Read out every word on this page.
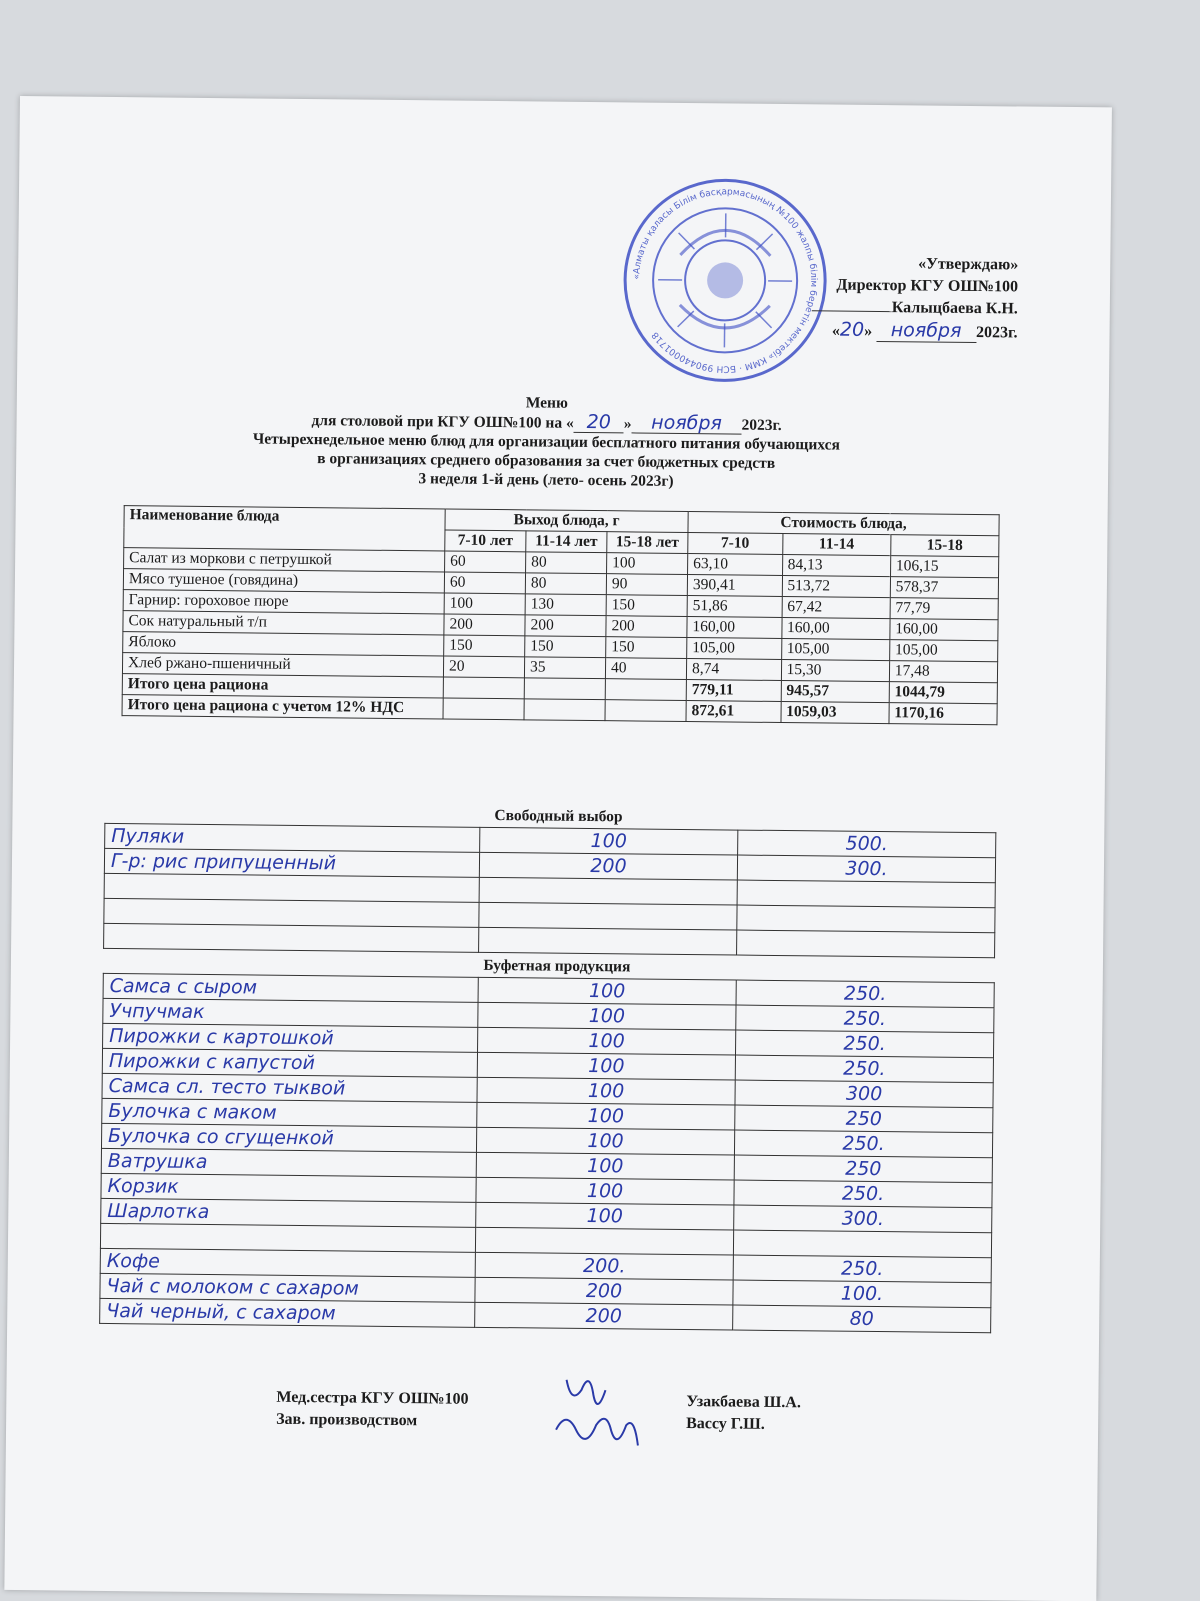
«Алматы қаласы Білім басқармасының №100 жалпы білім беретін мектебі» КММ · БСН 990440001718
«Утверждаю»
Директор КГУ ОШ№100
Калыцбаева К.Н.
«20» ноября 2023г.
Меню
для столовой при КГУ ОШ№100 на « 20 » ноября 2023г.
Четырехнедельное меню блюд для организации бесплатного питания обучающихся
в организациях среднего образования за счет бюджетных средств
3 неделя 1-й день (лето- осень 2023г)
Наименование блюда	Выход блюда, г			Стоимость блюда,		
	7-10 лет	11-14 лет	15-18 лет	7-10	11-14	15-18
Салат из моркови с петрушкой	60	80	100	63,10	84,13	106,15
Мясо тушеное (говядина)	60	80	90	390,41	513,72	578,37
Гарнир: гороховое пюре	100	130	150	51,86	67,42	77,79
Сок натуральный т/п	200	200	200	160,00	160,00	160,00
Яблоко	150	150	150	105,00	105,00	105,00
Хлеб ржано-пшеничный	20	35	40	8,74	15,30	17,48
Итого цена рациона				779,11	945,57	1044,79
Итого цена рациона с учетом 12% НДС				872,61	1059,03	1170,16
Свободный выбор
Пуляки	100	500.
Г-р: рис припущенный	200	300.

Буфетная продукция
Самса с сыром	100	250.
Учпучмак	100	250.
Пирожки с картошкой	100	250.
Пирожки с капустой	100	250.
Самса сл. тесто тыквой	100	300
Булочка с маком	100	250
Булочка со сгущенкой	100	250.
Ватрушка	100	250
Корзик	100	250.
Шарлотка	100	300.

Кофе	200.	250.
Чай с молоком с сахаром	200	100.
Чай черный, с сахаром	200	80
Мед.сестра КГУ ОШ№100
Зав. производством
Узакбаева Ш.А.
Вассу Г.Ш.
